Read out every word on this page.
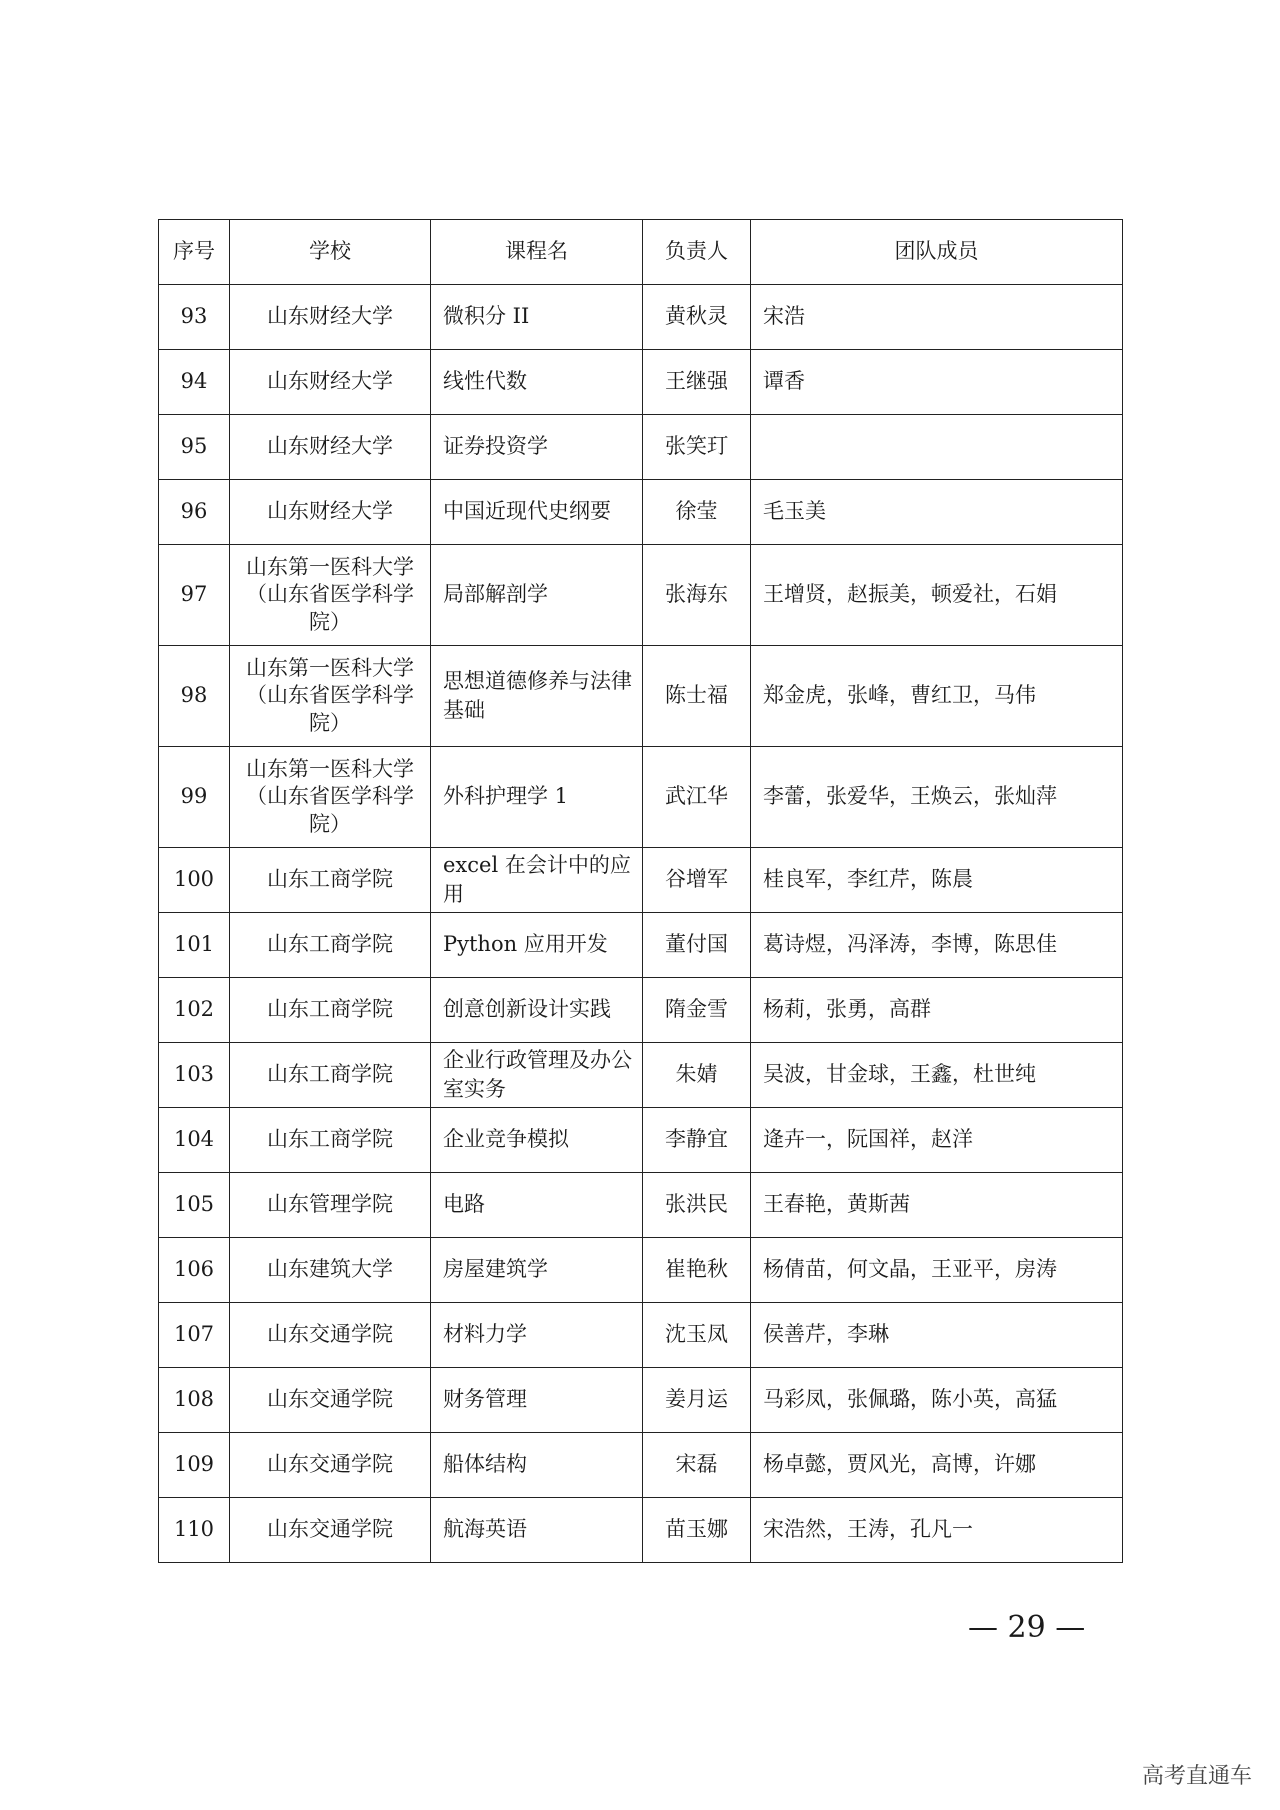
序号	学校	课程名	负责人	团队成员
93	山东财经大学	微积分 II	黄秋灵	宋浩
94	山东财经大学	线性代数	王继强	谭香
95	山东财经大学	证券投资学	张笑玎	
96	山东财经大学	中国近现代史纲要	徐莹	毛玉美
97	山东第一医科大学（山东省医学科学院）	局部解剖学	张海东	王增贤，赵振美，顿爱社，石娟
98	山东第一医科大学（山东省医学科学院）	思想道德修养与法律基础	陈士福	郑金虎，张峰，曹红卫，马伟
99	山东第一医科大学（山东省医学科学院）	外科护理学 1	武江华	李蕾，张爱华，王焕云，张灿萍
100	山东工商学院	excel 在会计中的应用	谷增军	桂良军，李红芹，陈晨
101	山东工商学院	Python 应用开发	董付国	葛诗煜，冯泽涛，李博，陈思佳
102	山东工商学院	创意创新设计实践	隋金雪	杨莉，张勇，高群
103	山东工商学院	企业行政管理及办公室实务	朱婧	吴波，甘金球，王鑫，杜世纯
104	山东工商学院	企业竞争模拟	李静宜	逄卉一，阮国祥，赵洋
105	山东管理学院	电路	张洪民	王春艳，黄斯茜
106	山东建筑大学	房屋建筑学	崔艳秋	杨倩苗，何文晶，王亚平，房涛
107	山东交通学院	材料力学	沈玉凤	侯善芹，李琳
108	山东交通学院	财务管理	姜月运	马彩凤，张佩璐，陈小英，高猛
109	山东交通学院	船体结构	宋磊	杨卓懿，贾风光，高博，许娜
110	山东交通学院	航海英语	苗玉娜	宋浩然，王涛，孔凡一
— 29 —
高考直通车
